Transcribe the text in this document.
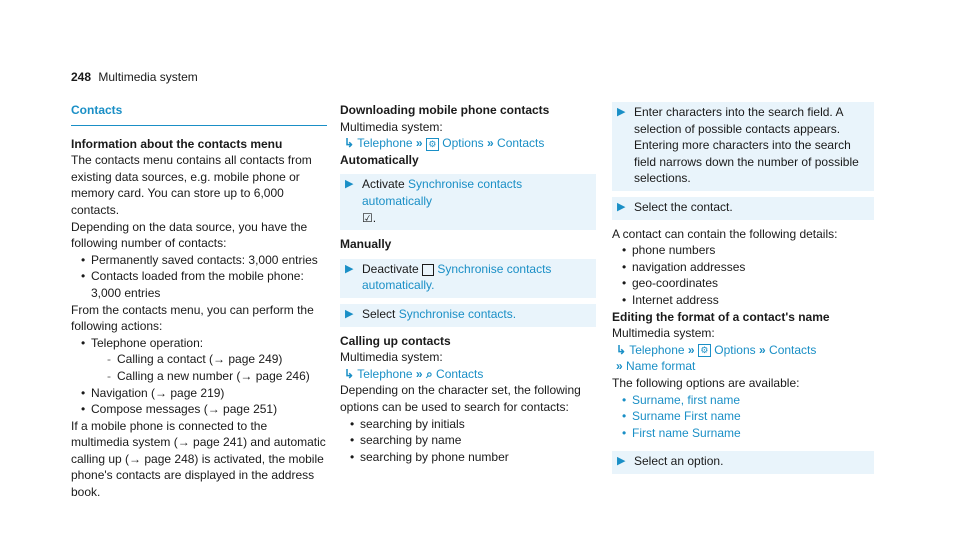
248 Multimedia system
Contacts
Information about the contacts menu
The contacts menu contains all contacts from existing data sources, e.g. mobile phone or memory card. You can store up to 6,000 contacts.
Depending on the data source, you have the following number of contacts:
• Permanently saved contacts: 3,000 entries
• Contacts loaded from the mobile phone: 3,000 entries
From the contacts menu, you can perform the following actions:
• Telephone operation:
- Calling a contact (→ page 249)
- Calling a new number (→ page 246)
• Navigation (→ page 219)
• Compose messages (→ page 251)
If a mobile phone is connected to the multimedia system (→ page 241) and automatic calling up (→ page 248) is activated, the mobile phone's contacts are displayed in the address book.
Downloading mobile phone contacts
Multimedia system:
↳ Telephone » ⚙ Options » Contacts
Automatically
▶ Activate Synchronise contacts automatically
☑.
Manually
▶ Deactivate  Synchronise contacts automatically.
▶ Select Synchronise contacts.
Calling up contacts
Multimedia system:
↳ Telephone » ⌕ Contacts
Depending on the character set, the following options can be used to search for contacts:
• searching by initials
• searching by name
• searching by phone number
▶ Enter characters into the search field. A selection of possible contacts appears. Entering more characters into the search field narrows down the number of possible selections.
▶ Select the contact.
A contact can contain the following details:
• phone numbers
• navigation addresses
• geo-coordinates
• Internet address
Editing the format of a contact's name
Multimedia system:
↳ Telephone » ⚙ Options » Contacts
» Name format
The following options are available:
• Surname, first name
• Surname First name
• First name Surname
▶ Select an option.
